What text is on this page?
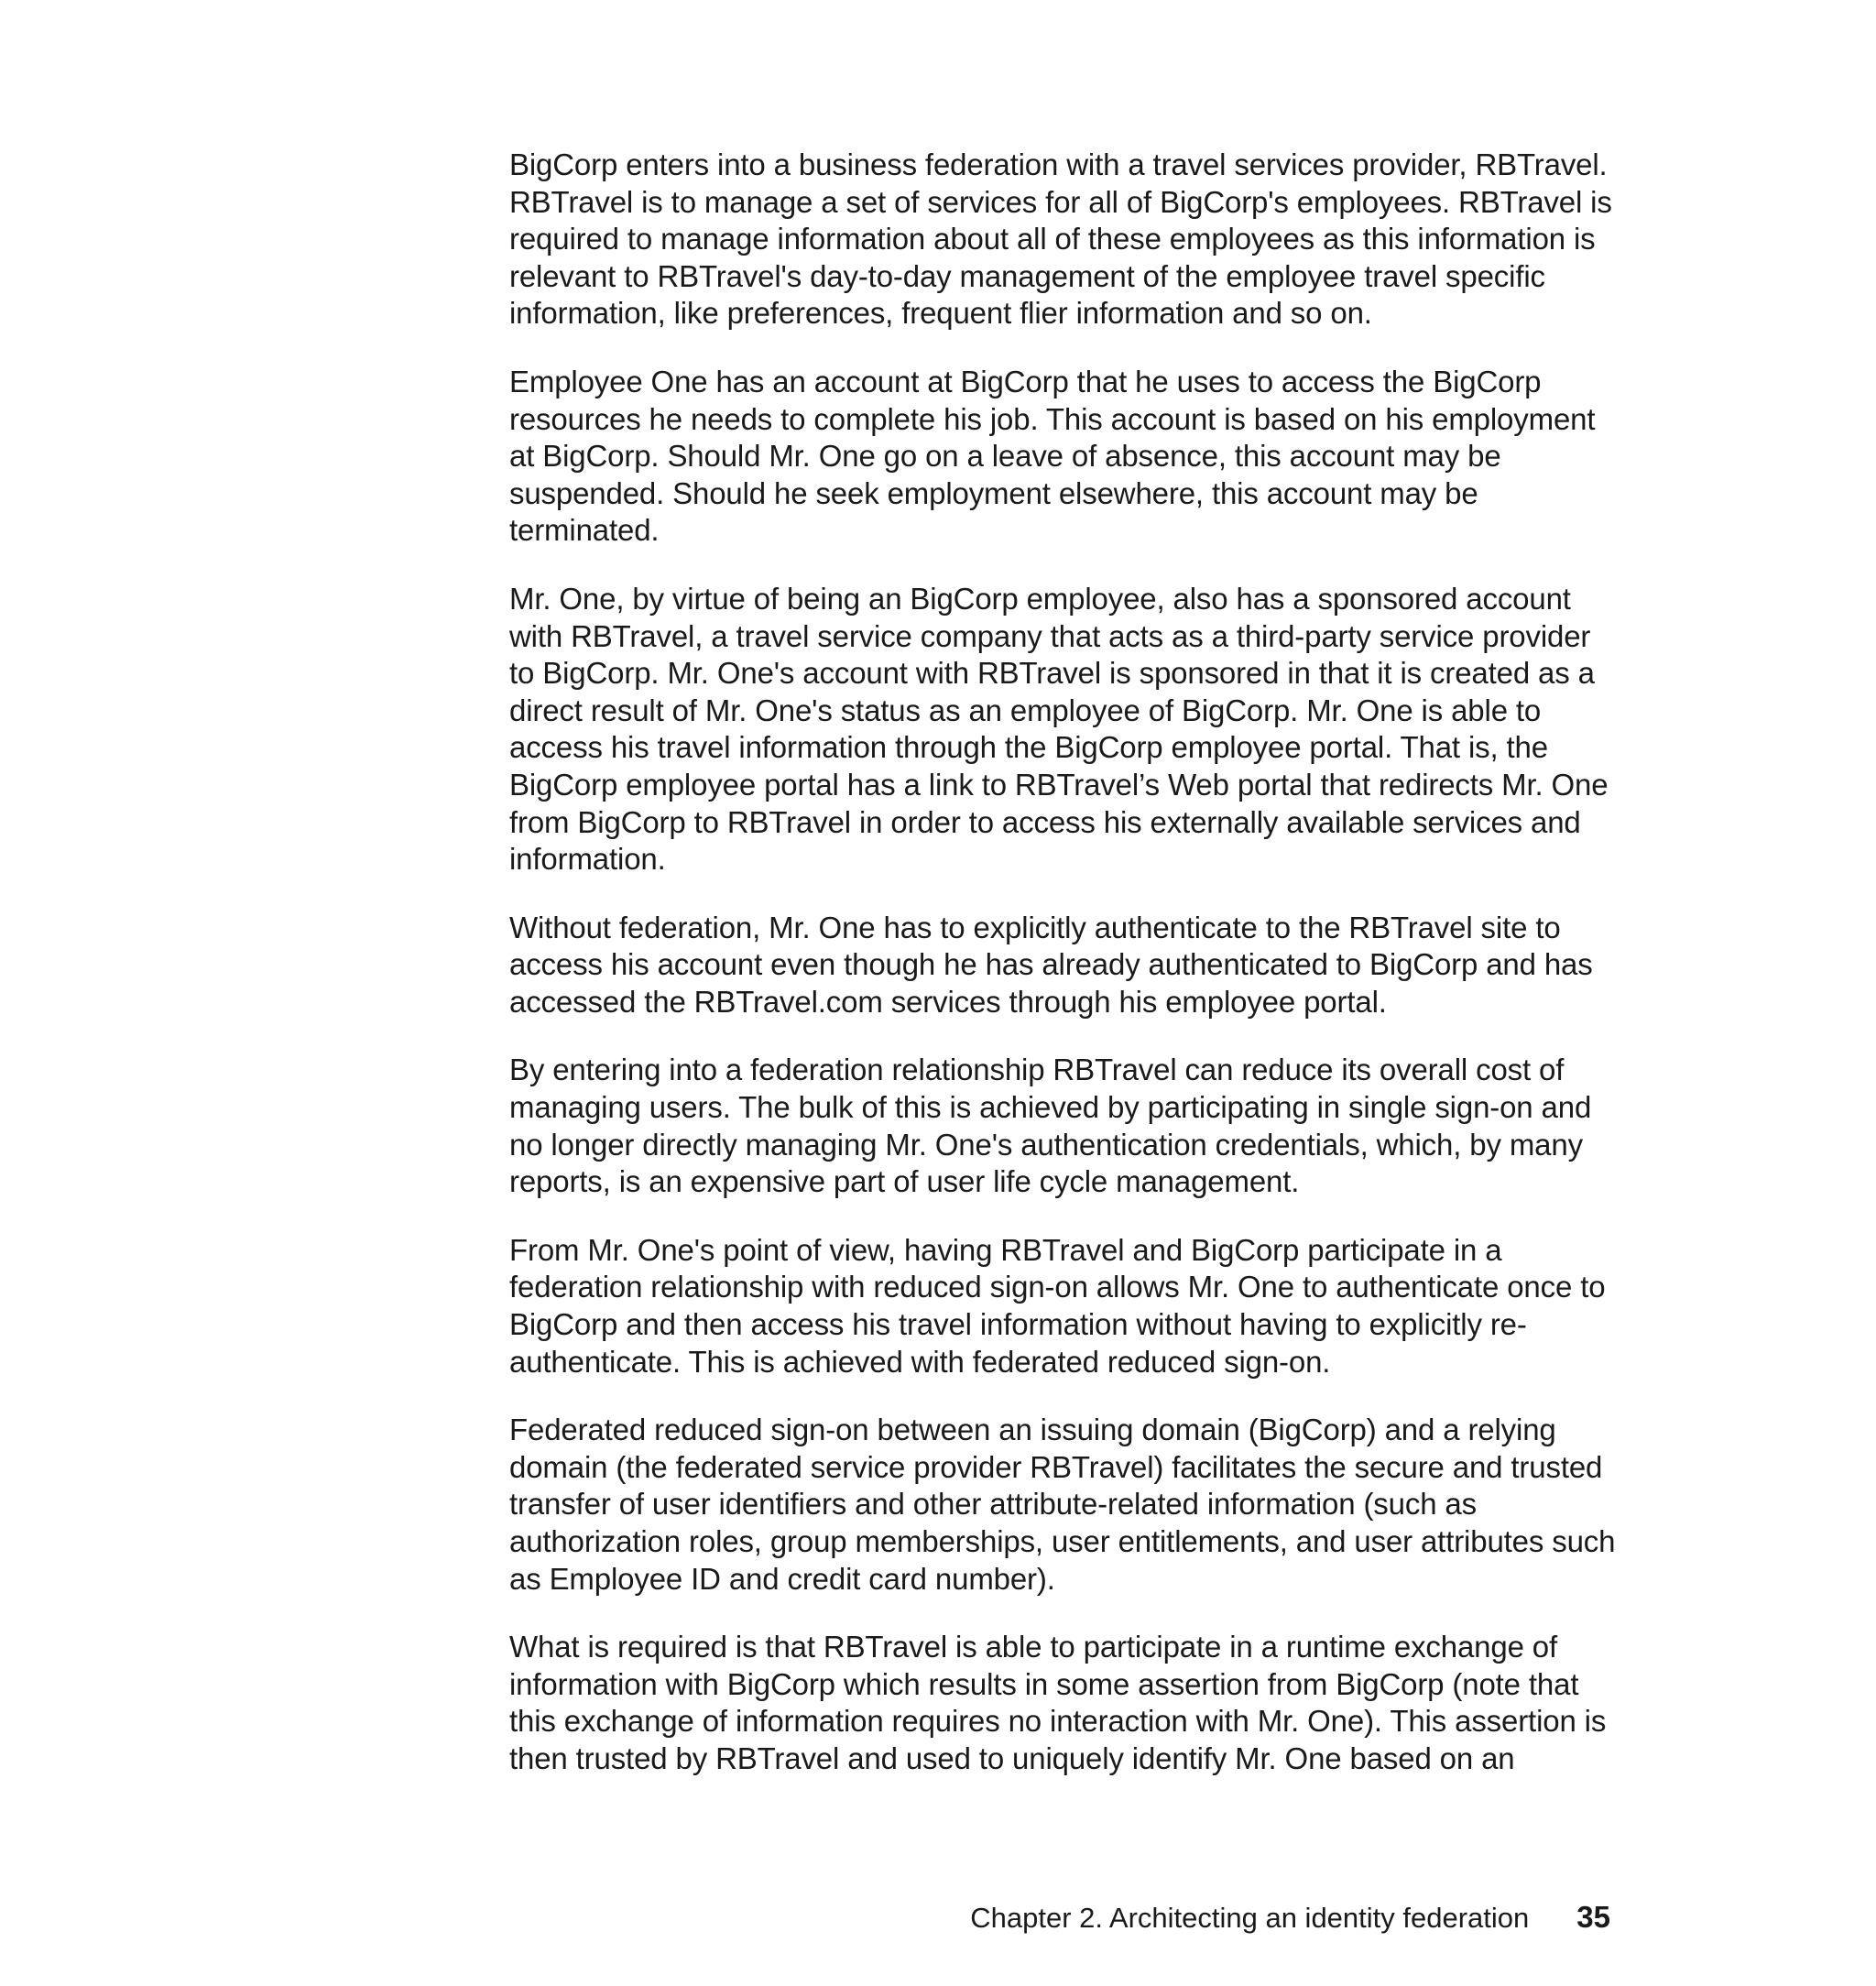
BigCorp enters into a business federation with a travel services provider, RBTravel. RBTravel is to manage a set of services for all of BigCorp's employees. RBTravel is required to manage information about all of these employees as this information is relevant to RBTravel's day-to-day management of the employee travel specific information, like preferences, frequent flier information and so on.

Employee One has an account at BigCorp that he uses to access the BigCorp resources he needs to complete his job. This account is based on his employment at BigCorp. Should Mr. One go on a leave of absence, this account may be suspended. Should he seek employment elsewhere, this account may be terminated.

Mr. One, by virtue of being an BigCorp employee, also has a sponsored account with RBTravel, a travel service company that acts as a third-party service provider to BigCorp. Mr. One's account with RBTravel is sponsored in that it is created as a direct result of Mr. One's status as an employee of BigCorp. Mr. One is able to access his travel information through the BigCorp employee portal. That is, the BigCorp employee portal has a link to RBTravel’s Web portal that redirects Mr. One from BigCorp to RBTravel in order to access his externally available services and information.

Without federation, Mr. One has to explicitly authenticate to the RBTravel site to access his account even though he has already authenticated to BigCorp and has accessed the RBTravel.com services through his employee portal.

By entering into a federation relationship RBTravel can reduce its overall cost of managing users. The bulk of this is achieved by participating in single sign-on and no longer directly managing Mr. One's authentication credentials, which, by many reports, is an expensive part of user life cycle management.

From Mr. One's point of view, having RBTravel and BigCorp participate in a federation relationship with reduced sign-on allows Mr. One to authenticate once to BigCorp and then access his travel information without having to explicitly re-authenticate. This is achieved with federated reduced sign-on.

Federated reduced sign-on between an issuing domain (BigCorp) and a relying domain (the federated service provider RBTravel) facilitates the secure and trusted transfer of user identifiers and other attribute-related information (such as authorization roles, group memberships, user entitlements, and user attributes such as Employee ID and credit card number).

What is required is that RBTravel is able to participate in a runtime exchange of information with BigCorp which results in some assertion from BigCorp (note that this exchange of information requires no interaction with Mr. One). This assertion is then trusted by RBTravel and used to uniquely identify Mr. One based on an

Chapter 2. Architecting an identity federation 35
